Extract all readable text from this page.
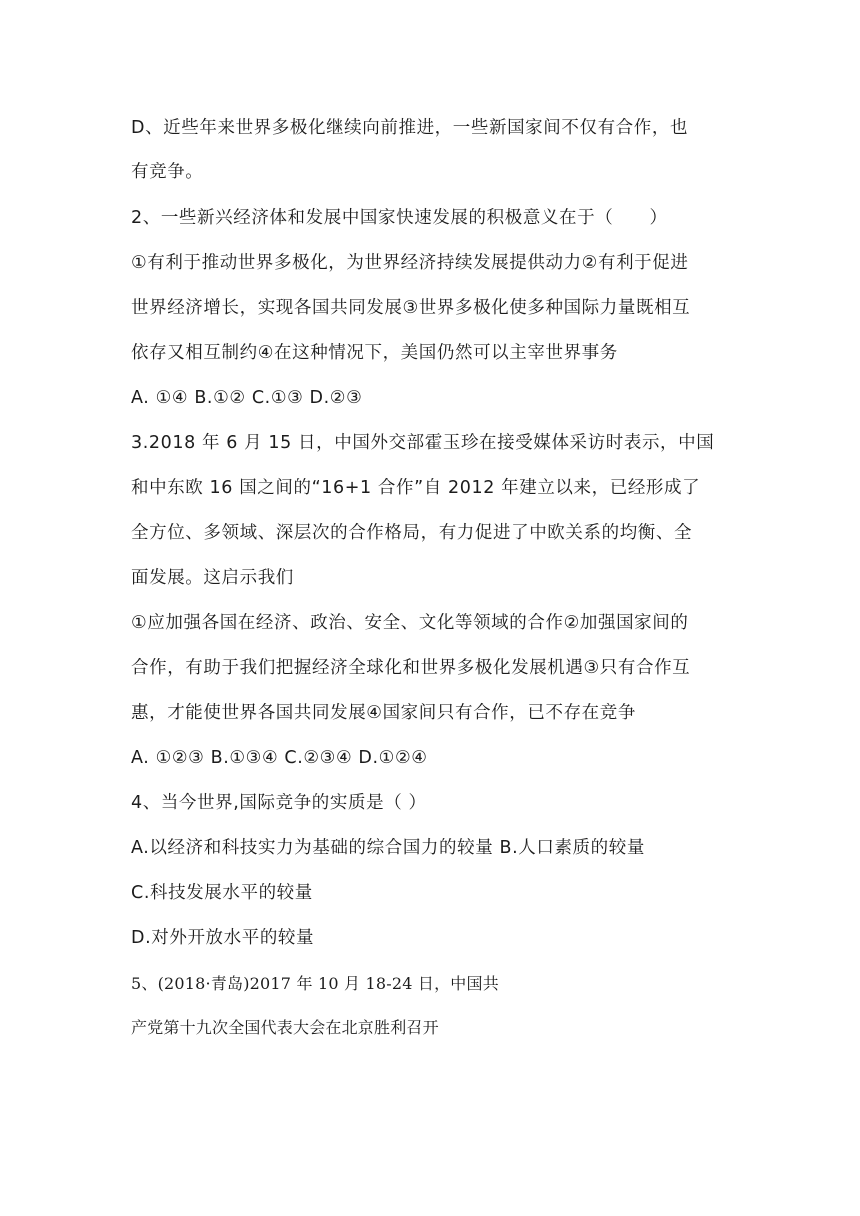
D、近些年来世界多极化继续向前推进，一些新国家间不仅有合作，也
有竞争。
2、一些新兴经济体和发展中国家快速发展的积极意义在于（　　）
①有利于推动世界多极化，为世界经济持续发展提供动力②有利于促进
世界经济增长，实现各国共同发展③世界多极化使多种国际力量既相互
依存又相互制约④在这种情况下，美国仍然可以主宰世界事务
A. ①④ B.①② C.①③ D.②③
3.2018 年 6 月 15 日，中国外交部霍玉珍在接受媒体采访时表示，中国
和中东欧 16 国之间的“16+1 合作”自 2012 年建立以来，已经形成了
全方位、多领域、深层次的合作格局，有力促进了中欧关系的均衡、全
面发展。这启示我们
①应加强各国在经济、政治、安全、文化等领域的合作②加强国家间的
合作，有助于我们把握经济全球化和世界多极化发展机遇③只有合作互
惠，才能使世界各国共同发展④国家间只有合作，已不存在竞争
A. ①②③ B.①③④ C.②③④ D.①②④
4、当今世界,国际竞争的实质是（ ）
A.以经济和科技实力为基础的综合国力的较量 B.人口素质的较量
C.科技发展水平的较量
D.对外开放水平的较量
5、(2018·青岛)2017 年 10 月 18-24 日，中国共
产党第十九次全国代表大会在北京胜利召开
